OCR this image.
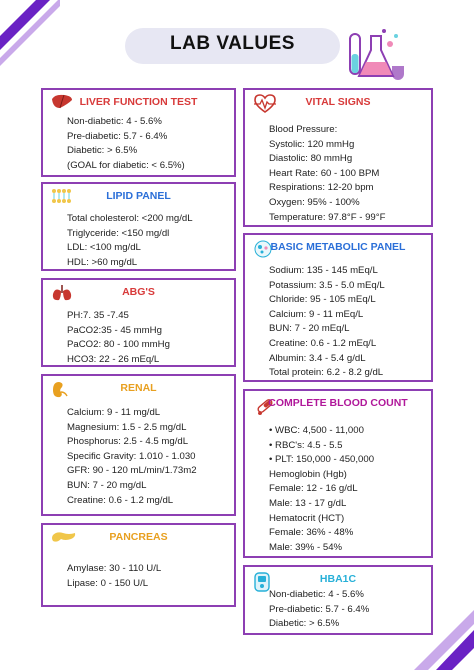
LAB VALUES
LIVER FUNCTION TEST
Non-diabetic: 4 - 5.6%
Pre-diabetic: 5.7 - 6.4%
Diabetic: > 6.5%
(GOAL for diabetic: < 6.5%)
LIPID PANEL
Total cholesterol: <200 mg/dL
Triglyceride: <150 mg/dl
LDL: <100 mg/dL
HDL: >60 mg/dL
ABG'S
PH:7. 35 -7.45
PaCO2:35 - 45 mmHg
PaCO2: 80 - 100 mmHg
HCO3: 22 - 26 mEq/L
RENAL
Calcium: 9 - 11 mg/dL
Magnesium: 1.5 - 2.5 mg/dL
Phosphorus: 2.5 - 4.5 mg/dL
Specific Gravity: 1.010 - 1.030
GFR: 90 - 120 mL/min/1.73m2
BUN: 7 - 20 mg/dL
Creatine: 0.6 - 1.2 mg/dL
PANCREAS
Amylase: 30 - 110 U/L
Lipase: 0 - 150 U/L
VITAL SIGNS
Blood Pressure:
Systolic: 120 mmHg
Diastolic: 80 mmHg
Heart Rate: 60 - 100 BPM
Respirations: 12-20 bpm
Oxygen: 95% - 100%
Temperature: 97.8°F - 99°F
BASIC METABOLIC PANEL
Sodium: 135 - 145 mEq/L
Potassium: 3.5 - 5.0 mEq/L
Chloride: 95 - 105 mEq/L
Calcium: 9 - 11 mEq/L
BUN: 7 - 20 mEq/L
Creatine: 0.6 - 1.2 mEq/L
Albumin: 3.4 - 5.4 g/dL
Total protein: 6.2 - 8.2 g/dL
COMPLETE BLOOD COUNT
• WBC: 4,500 - 11,000
• RBC's: 4.5 - 5.5
• PLT: 150,000 - 450,000
Hemoglobin (Hgb)
Female: 12 - 16 g/dL
Male: 13 - 17 g/dL
Hematocrit (HCT)
Female: 36% - 48%
Male: 39% - 54%
HBA1C
Non-diabetic: 4 - 5.6%
Pre-diabetic: 5.7 - 6.4%
Diabetic: > 6.5%
